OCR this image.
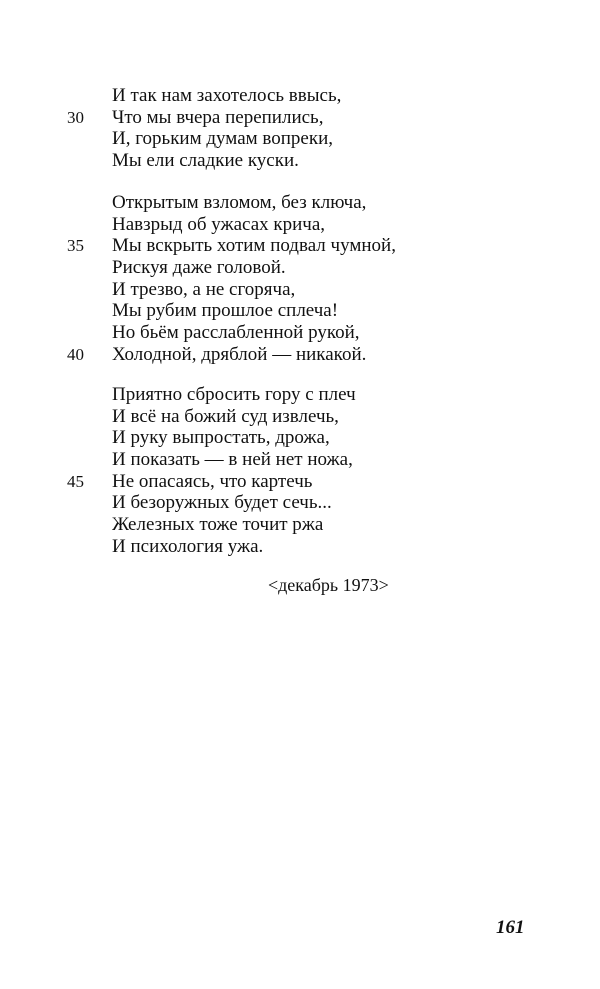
И так нам захотелось ввысь,
30 Что мы вчера перепились,
И, горьким думам вопреки,
Мы ели сладкие куски.
Открытым взломом, без ключа,
Навзрыд об ужасах крича,
35 Мы вскрыть хотим подвал чумной,
Рискуя даже головой.
И трезво, а не сгоряча,
Мы рубим прошлое сплеча!
Но бьём расслабленной рукой,
40 Холодной, дряблой — никакой.
Приятно сбросить гору с плеч
И всё на божий суд извлечь,
И руку выпростать, дрожа,
И показать — в ней нет ножа,
45 Не опасаясь, что картечь
И безоружных будет сечь...
Железных тоже точит ржа
И психология ужа.
<декабрь 1973>
161
